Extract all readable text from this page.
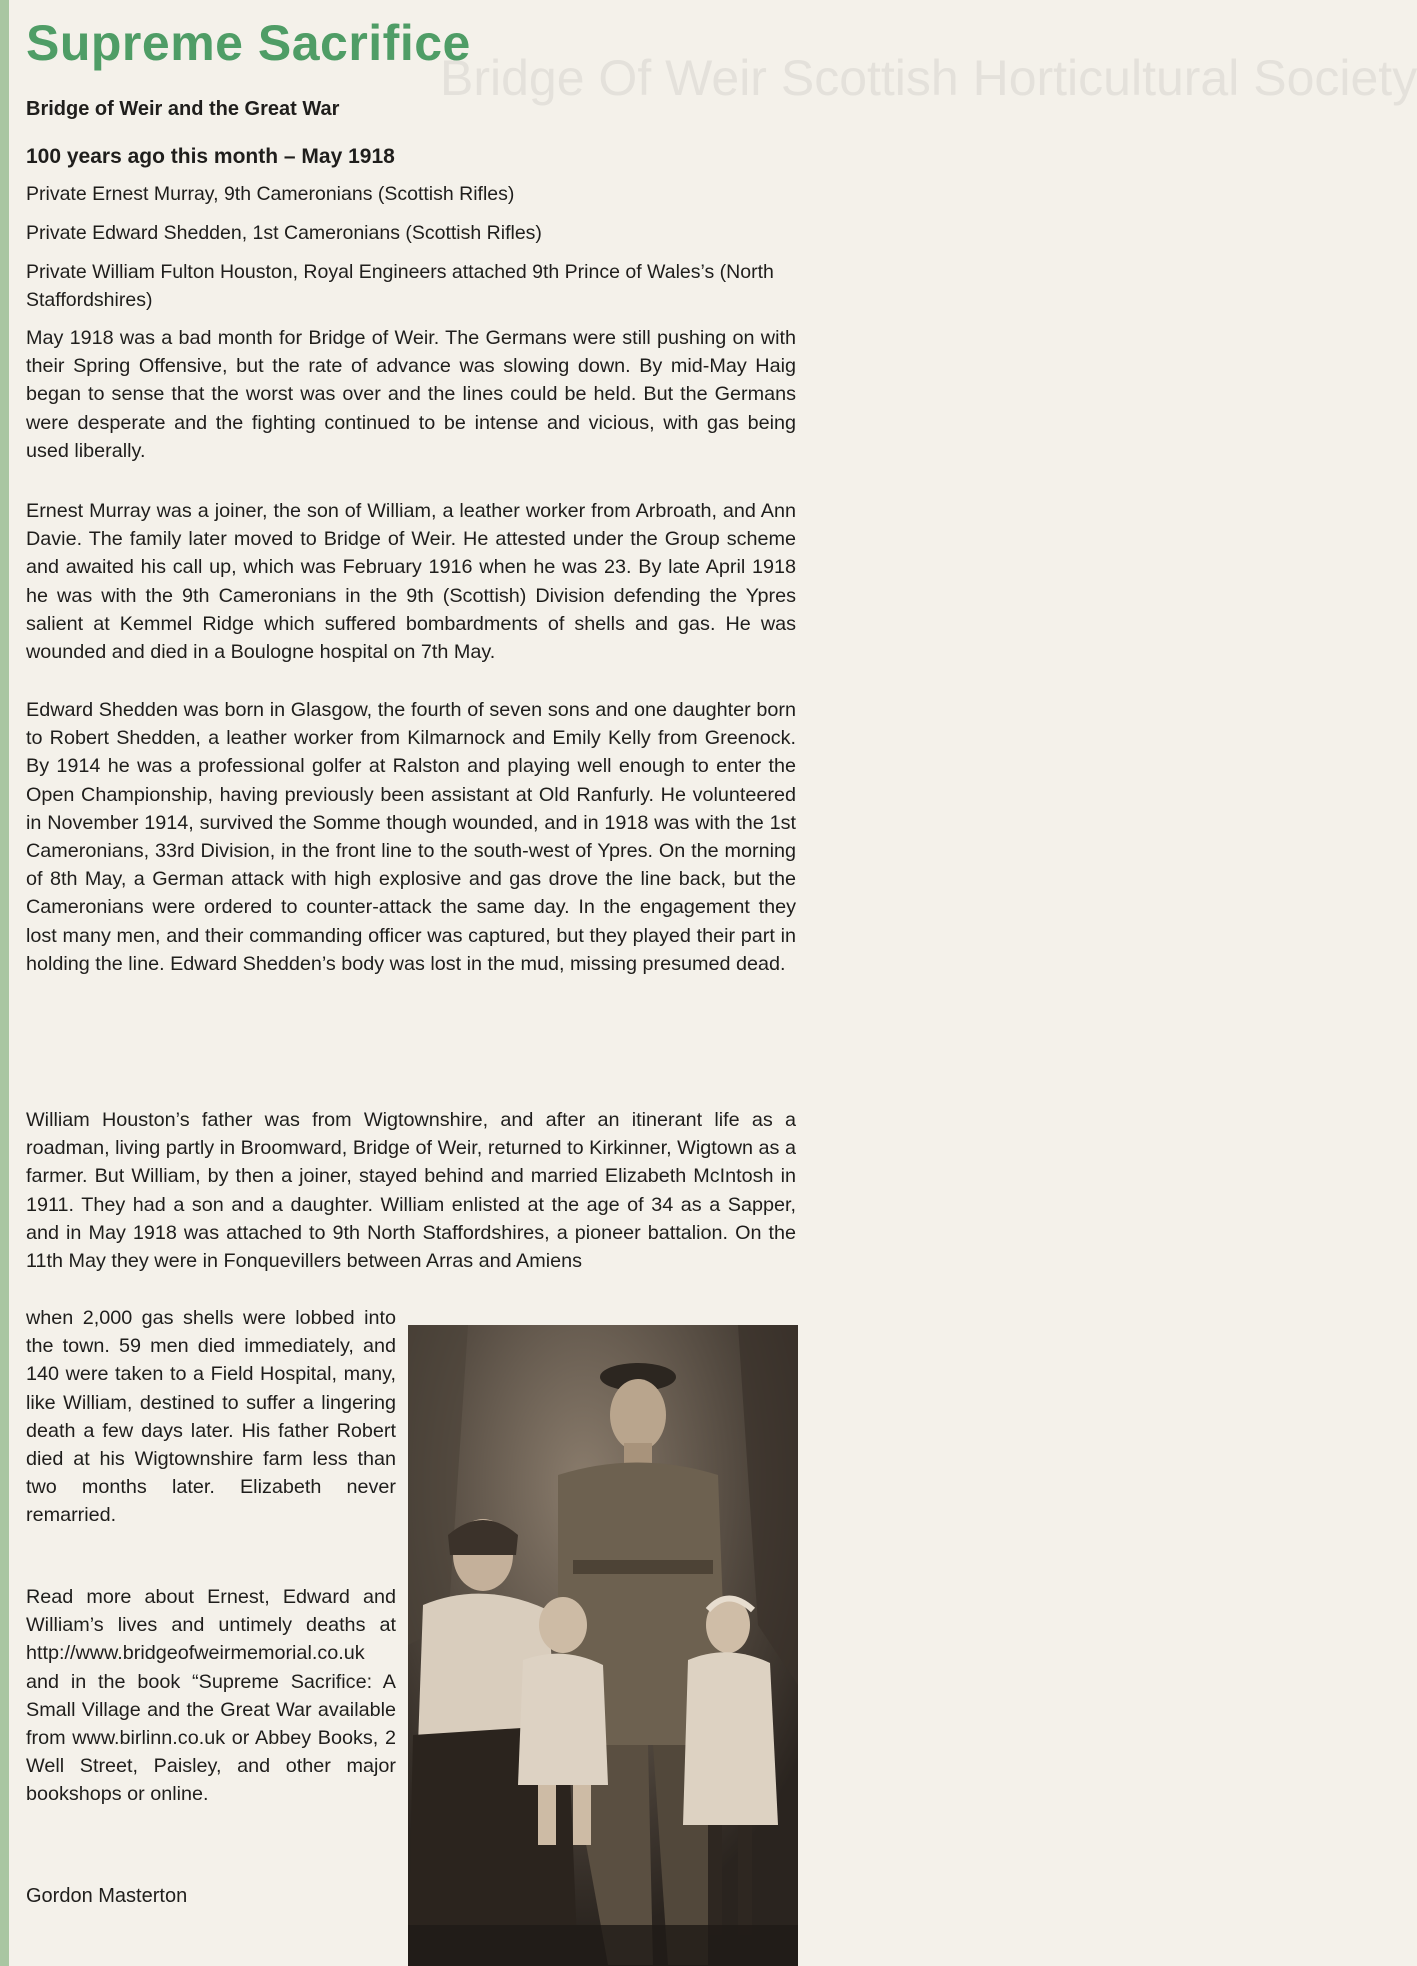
Bridge Of Weir Scottish Horticultural Society
Supreme Sacrifice

Bridge of Weir and the Great War

100 years ago this month – May 1918

Private Ernest Murray, 9th Cameronians (Scottish Rifles)

Private Edward Shedden, 1st Cameronians (Scottish Rifles)

Private William Fulton Houston, Royal Engineers attached 9th Prince of Wales’s (North Staffordshires)

May 1918 was a bad month for Bridge of Weir. The Germans were still pushing on with their Spring Offensive, but the rate of advance was slowing down. By mid-May Haig began to sense that the worst was over and the lines could be held. But the Germans were desperate and the fighting continued to be intense and vicious, with gas being used liberally.

Ernest Murray was a joiner, the son of William, a leather worker from Arbroath, and Ann Davie. The family later moved to Bridge of Weir. He attested under the Group scheme and awaited his call up, which was February 1916 when he was 23. By late April 1918 he was with the 9th Cameronians in the 9th (Scottish) Division defending the Ypres salient at Kemmel Ridge which suffered bombardments of shells and gas. He was wounded and died in a Boulogne hospital on 7th May.

Edward Shedden was born in Glasgow, the fourth of seven sons and one daughter born to Robert Shedden, a leather worker from Kilmarnock and Emily Kelly from Greenock. By 1914 he was a professional golfer at Ralston and playing well enough to enter the Open Championship, having previously been assistant at Old Ranfurly. He volunteered in November 1914, survived the Somme though wounded, and in 1918 was with the 1st Cameronians, 33rd Division, in the front line to the south-west of Ypres. On the morning of 8th May, a German attack with high explosive and gas drove the line back, but the Cameronians were ordered to counter-attack the same day. In the engagement they lost many men, and their commanding officer was captured, but they played their part in holding the line. Edward Shedden’s body was lost in the mud, missing presumed dead.

William Houston’s father was from Wigtownshire, and after an itinerant life as a roadman, living partly in Broomward, Bridge of Weir, returned to Kirkinner, Wigtown as a farmer. But William, by then a joiner, stayed behind and married Elizabeth McIntosh in 1911. They had a son and a daughter. William enlisted at the age of 34 as a Sapper, and in May 1918 was attached to 9th North Staffordshires, a pioneer battalion. On the 11th May they were in Fonquevillers between Arras and Amiens

when 2,000 gas shells were lobbed into the town. 59 men died immediately, and 140 were taken to a Field Hospital, many, like William, destined to suffer a lingering death a few days later. His father Robert died at his Wigtownshire farm less than two months later. Elizabeth never remarried.

Read more about Ernest, Edward and William’s lives and untimely deaths at http://www.bridgeofweirmemorial.co.uk and in the book “Supreme Sacrifice: A Small Village and the Great War available from www.birlinn.co.uk or Abbey Books, 2 Well Street, Paisley, and other major bookshops or online.

Gordon Masterton
